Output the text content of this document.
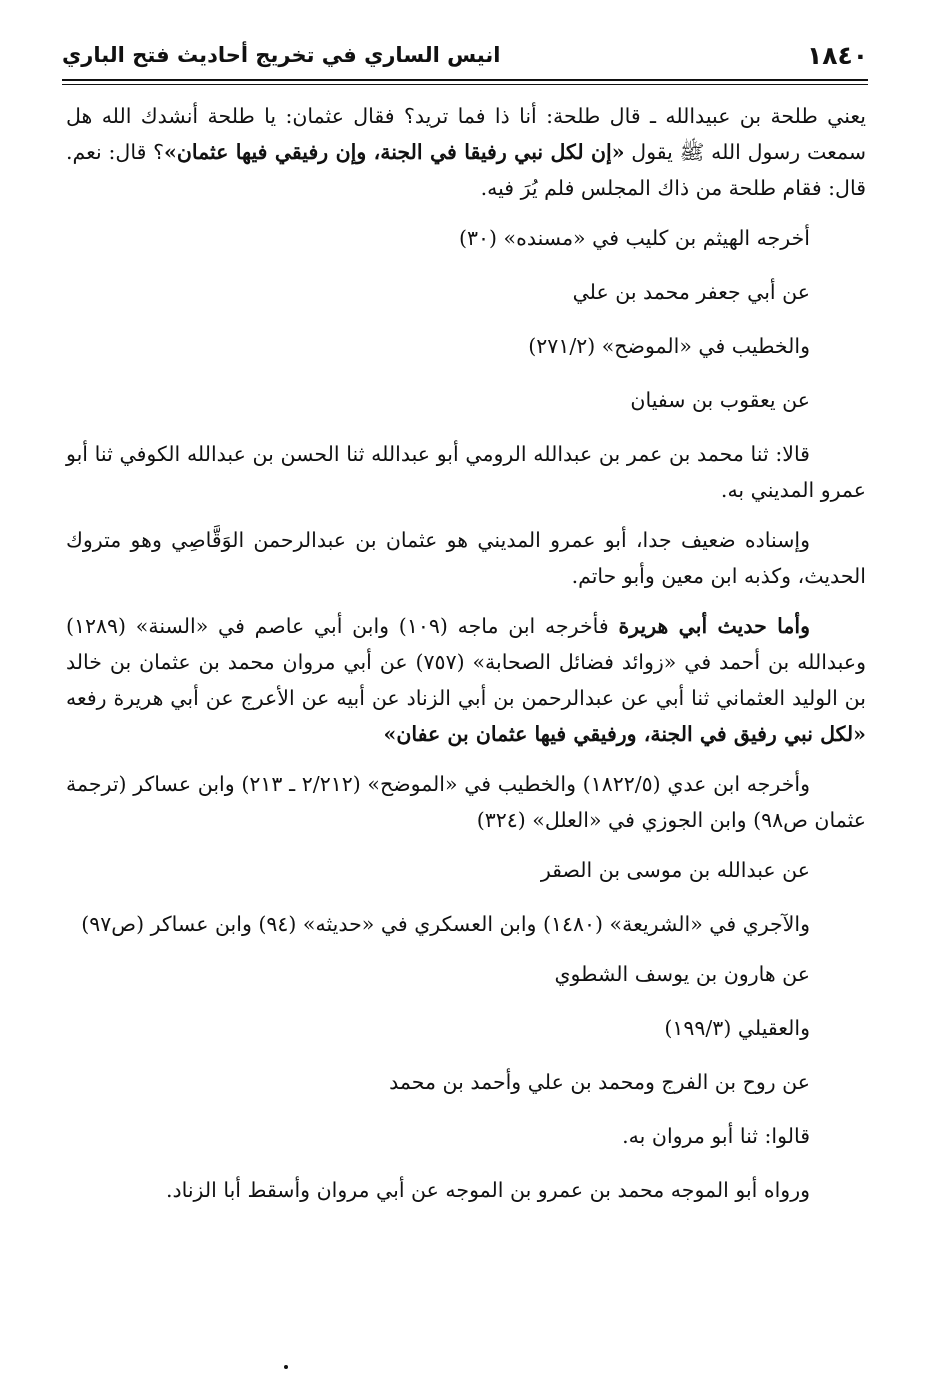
١٨٤٠
انيس الساري في تخريج أحاديث فتح الباري

يعني طلحة بن عبيدالله ـ قال طلحة: أنا ذا فما تريد؟ فقال عثمان: يا طلحة أنشدك الله هل سمعت رسول الله ﷺ يقول «إن لكل نبي رفيقا في الجنة، وإن رفيقي فيها عثمان»؟ قال: نعم. قال: فقام طلحة من ذاك المجلس فلم يُرَ فيه.

أخرجه الهيثم بن كليب في «مسنده» (٣٠)

عن أبي جعفر محمد بن علي

والخطيب في «الموضح» (٢٧١/٢)

عن يعقوب بن سفيان

قالا: ثنا محمد بن عمر بن عبدالله الرومي أبو عبدالله ثنا الحسن بن عبدالله الكوفي ثنا أبو عمرو المديني به.

وإسناده ضعيف جدا، أبو عمرو المديني هو عثمان بن عبدالرحمن الوَقَّاصِي وهو متروك الحديث، وكذبه ابن معين وأبو حاتم.

وأما حديث أبي هريرة فأخرجه ابن ماجه (١٠٩) وابن أبي عاصم في «السنة» (١٢٨٩) وعبدالله بن أحمد في «زوائد فضائل الصحابة» (٧٥٧) عن أبي مروان محمد بن عثمان بن خالد بن الوليد العثماني ثنا أبي عن عبدالرحمن بن أبي الزناد عن أبيه عن الأعرج عن أبي هريرة رفعه «لكل نبي رفيق في الجنة، ورفيقي فيها عثمان بن عفان»

وأخرجه ابن عدي (١٨٢٢/٥) والخطيب في «الموضح» (٢/٢١٢ ـ ٢١٣) وابن عساكر (ترجمة عثمان ص٩٨) وابن الجوزي في «العلل» (٣٢٤)

عن عبدالله بن موسى بن الصقر

والآجري في «الشريعة» (١٤٨٠) وابن العسكري في «حديثه» (٩٤) وابن عساكر (ص٩٧)

عن هارون بن يوسف الشطوي

والعقيلي (١٩٩/٣)

عن روح بن الفرج ومحمد بن علي وأحمد بن محمد

قالوا: ثنا أبو مروان به.

ورواه أبو الموجه محمد بن عمرو بن الموجه عن أبي مروان وأسقط أبا الزناد.
